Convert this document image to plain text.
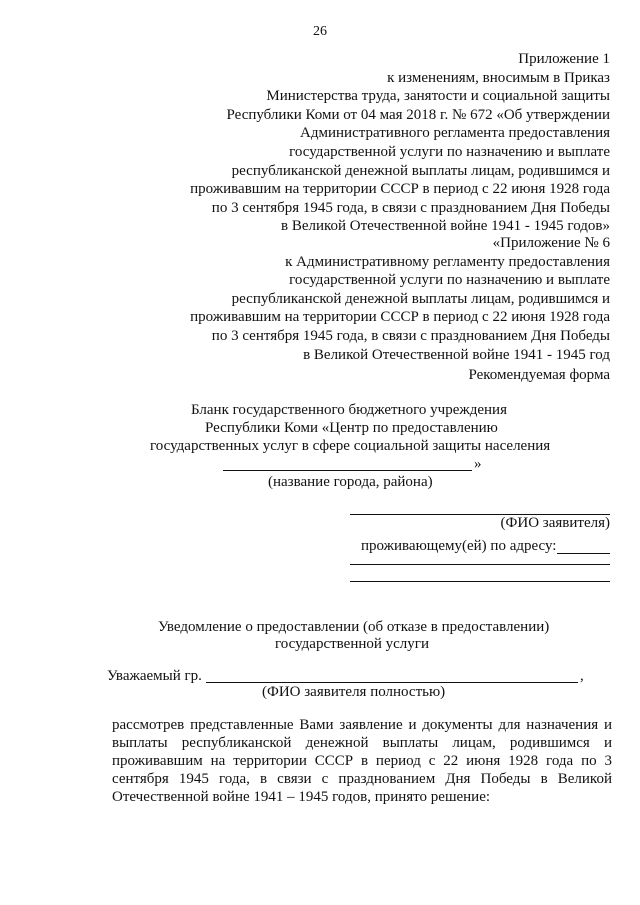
26
Приложение 1
к изменениям, вносимым в Приказ
Министерства труда, занятости и социальной защиты
Республики Коми от 04 мая 2018 г. № 672 «Об утверждении
Административного регламента предоставления
государственной услуги по назначению и выплате
республиканской денежной выплаты лицам, родившимся и
проживавшим на территории СССР в период с 22 июня 1928 года
по 3 сентября 1945 года, в связи с празднованием Дня Победы
в Великой Отечественной войне 1941 - 1945 годов»
«Приложение № 6
к Административному регламенту предоставления
государственной услуги по назначению и выплате
республиканской денежной выплаты лицам, родившимся и
проживавшим на территории СССР в период с 22 июня 1928 года
по 3 сентября 1945 года, в связи с празднованием Дня Победы
в Великой Отечественной войне 1941 - 1945 год
Рекомендуемая форма
Бланк государственного бюджетного учреждения
Республики Коми «Центр по предоставлению
государственных услуг в сфере социальной защиты населения
»
(название города, района)
(ФИО заявителя)
проживающему(ей) по адресу:
Уведомление о предоставлении (об отказе в предоставлении)
государственной услуги
Уважаемый гр.	,
(ФИО заявителя полностью)
рассмотрев представленные Вами заявление и документы для назначения и
выплаты республиканской денежной выплаты лицам, родившимся и
проживавшим на территории СССР в период с 22 июня 1928 года по 3
сентября 1945 года, в связи с празднованием Дня Победы в Великой
Отечественной войне 1941 – 1945 годов, принято решение:
